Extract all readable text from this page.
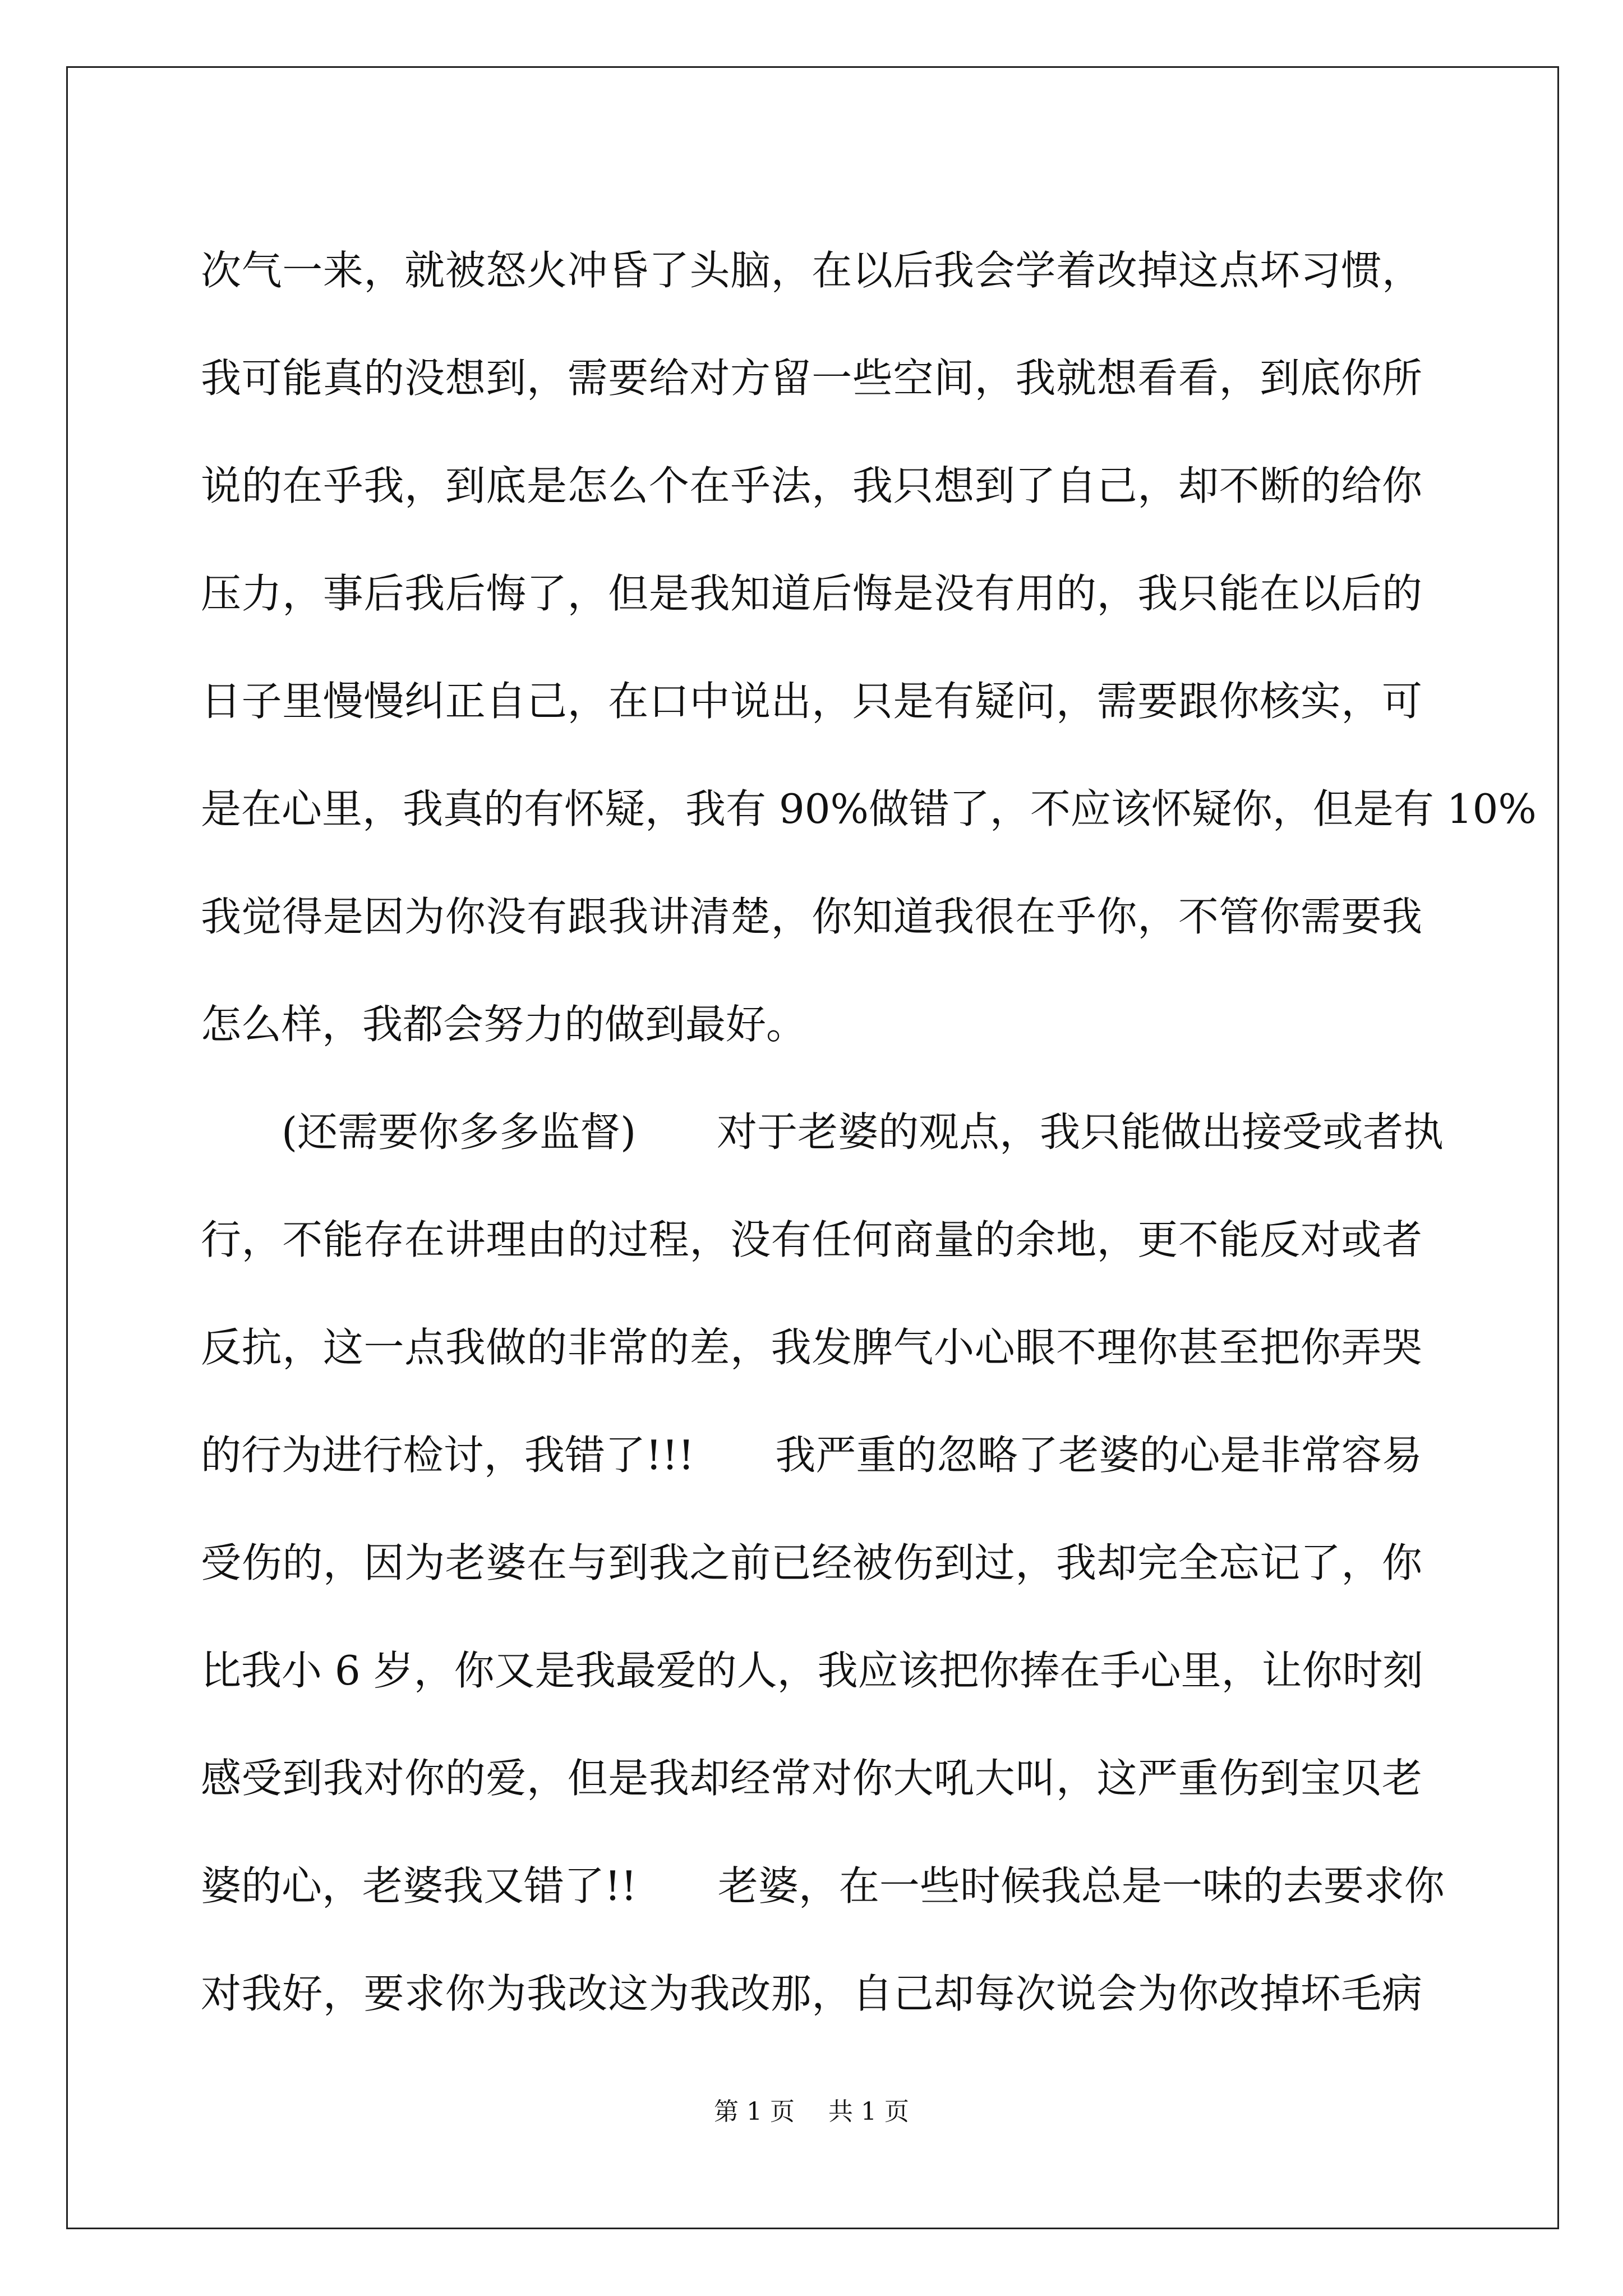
次气一来，就被怒火冲昏了头脑，在以后我会学着改掉这点坏习惯，
我可能真的没想到，需要给对方留一些空间，我就想看看，到底你所
说的在乎我，到底是怎么个在乎法，我只想到了自己，却不断的给你
压力，事后我后悔了，但是我知道后悔是没有用的，我只能在以后的
日子里慢慢纠正自己，在口中说出，只是有疑问，需要跟你核实，可
是在心里，我真的有怀疑，我有 90%做错了，不应该怀疑你，但是有 10%
我觉得是因为你没有跟我讲清楚，你知道我很在乎你，不管你需要我
怎么样，我都会努力的做到最好。
　　(还需要你多多监督)　　对于老婆的观点，我只能做出接受或者执
行，不能存在讲理由的过程，没有任何商量的余地，更不能反对或者
反抗，这一点我做的非常的差，我发脾气小心眼不理你甚至把你弄哭
的行为进行检讨，我错了!!!　　我严重的忽略了老婆的心是非常容易
受伤的，因为老婆在与到我之前已经被伤到过，我却完全忘记了，你
比我小 6 岁，你又是我最爱的人，我应该把你捧在手心里，让你时刻
感受到我对你的爱，但是我却经常对你大吼大叫，这严重伤到宝贝老
婆的心，老婆我又错了!!　　老婆，在一些时候我总是一味的去要求你
对我好，要求你为我改这为我改那，自己却每次说会为你改掉坏毛病
第 1 页 共 1 页
